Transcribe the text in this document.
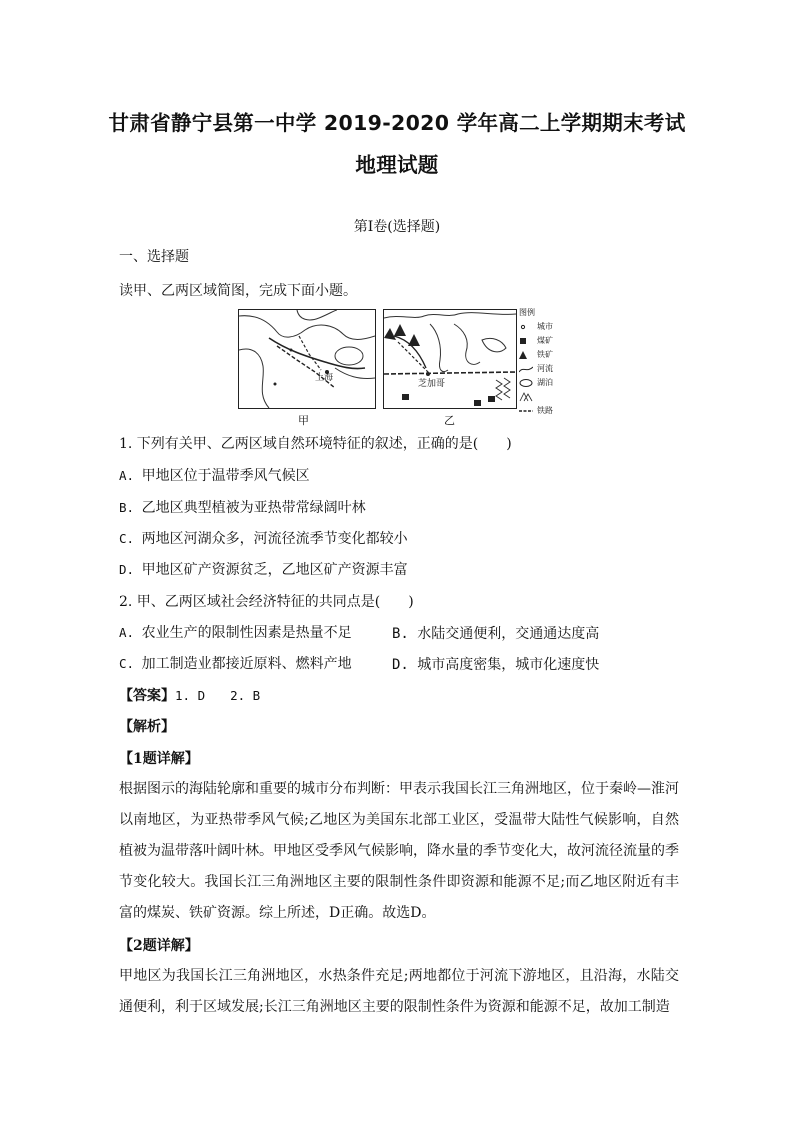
甘肃省静宁县第一中学 2019-2020 学年高二上学期期末考试
地理试题
第Ⅰ卷(选择题)
一、选择题
读甲、乙两区域简图，完成下面小题。
上海
甲
芝加哥
乙
图例
城市
煤矿
铁矿
河流
湖泊
铁路
1. 下列有关甲、乙两区域自然环境特征的叙述，正确的是(　　)
A. 甲地区位于温带季风气候区
B. 乙地区典型植被为亚热带常绿阔叶林
C. 两地区河湖众多，河流径流季节变化都较小
D. 甲地区矿产资源贫乏，乙地区矿产资源丰富
2. 甲、乙两区域社会经济特征的共同点是(　　)
A. 农业生产的限制性因素是热量不足	B. 水陆交通便利，交通通达度高
C. 加工制造业都接近原料、燃料产地	D. 城市高度密集，城市化速度快
【答案】1. D　　2. B
【解析】
【1题详解】
根据图示的海陆轮廓和重要的城市分布判断：甲表示我国长江三角洲地区，位于秦岭—淮河以南地区，为亚热带季风气候;乙地区为美国东北部工业区，受温带大陆性气候影响，自然植被为温带落叶阔叶林。甲地区受季风气候影响，降水量的季节变化大，故河流径流量的季节变化较大。我国长江三角洲地区主要的限制性条件即资源和能源不足;而乙地区附近有丰富的煤炭、铁矿资源。综上所述，D正确。故选D。
【2题详解】
甲地区为我国长江三角洲地区，水热条件充足;两地都位于河流下游地区，且沿海，水陆交通便利，利于区域发展;长江三角洲地区主要的限制性条件为资源和能源不足，故加工制造
